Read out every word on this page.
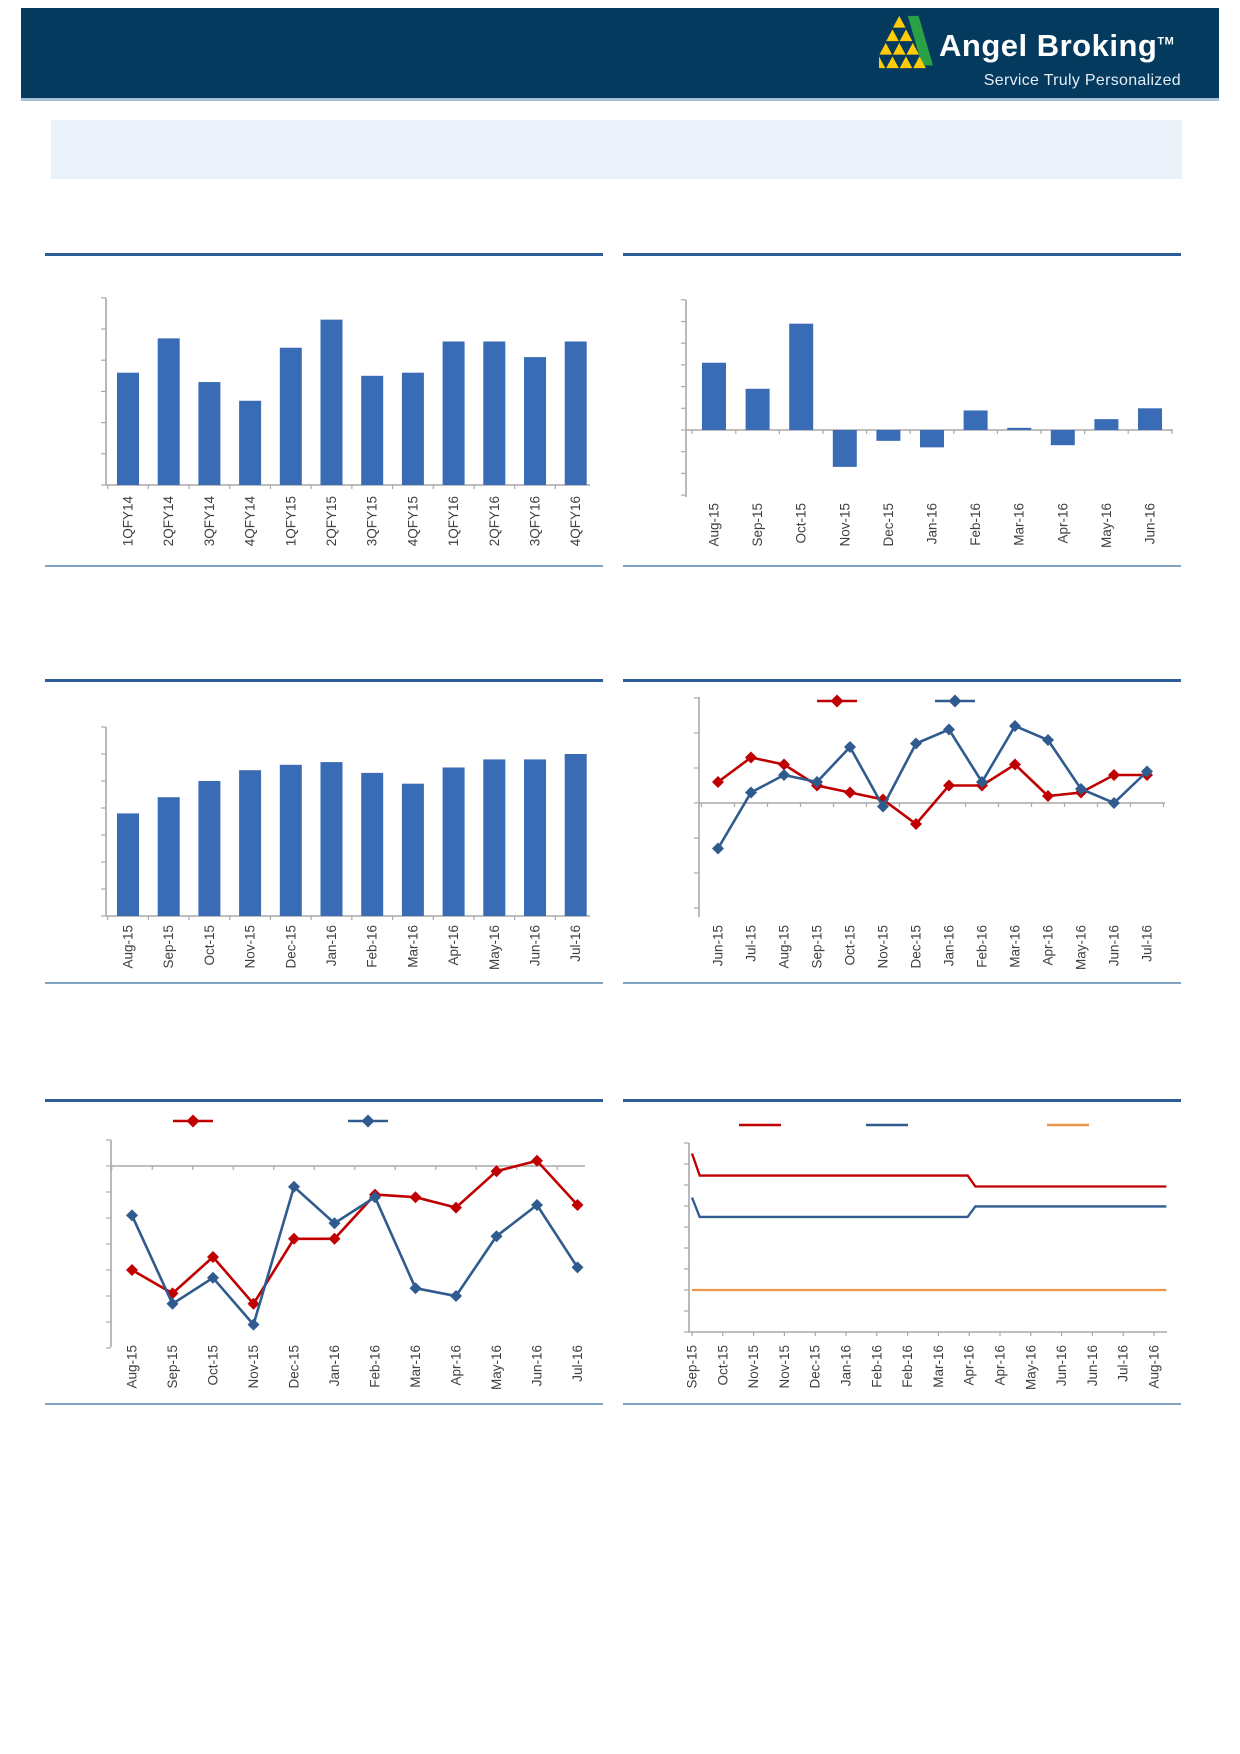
Angel Broking™
Service Truly Personalized
1QFY14 2QFY14 3QFY14 4QFY14 1QFY15 2QFY15 3QFY15 4QFY15 1QFY16 2QFY16 3QFY16 4QFY16	Aug-15 Sep-15 Oct-15 Nov-15 Dec-15 Jan-16 Feb-16 Mar-16 Apr-16 May-16 Jun-16
Aug-15 Sep-15 Oct-15 Nov-15 Dec-15 Jan-16 Feb-16 Mar-16 Apr-16 May-16 Jun-16 Jul-16	Jun-15 Jul-15 Aug-15 Sep-15 Oct-15 Nov-15 Dec-15 Jan-16 Feb-16 Mar-16 Apr-16 May-16 Jun-16 Jul-16
Aug-15 Sep-15 Oct-15 Nov-15 Dec-15 Jan-16 Feb-16 Mar-16 Apr-16 May-16 Jun-16 Jul-16	Sep-15 Oct-15 Nov-15 Nov-15 Dec-15 Jan-16 Feb-16 Feb-16 Mar-16 Apr-16 Apr-16 May-16 Jun-16 Jun-16 Jul-16 Aug-16
